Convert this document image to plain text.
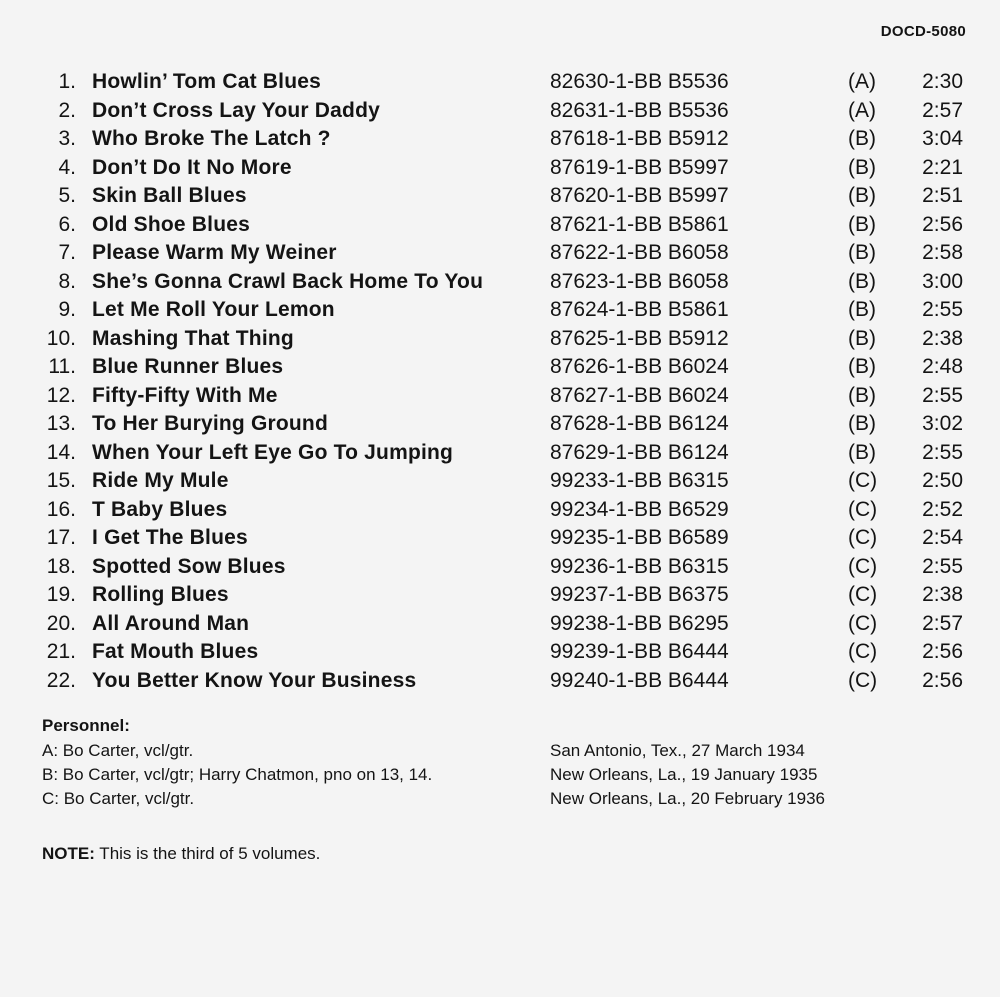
DOCD-5080
1. Howlin’ Tom Cat Blues	82630-1-BB B5536	(A) 2:30
2. Don’t Cross Lay Your Daddy	82631-1-BB B5536	(A) 2:57
3. Who Broke The Latch ?	87618-1-BB B5912	(B) 3:04
4. Don’t Do It No More	87619-1-BB B5997	(B) 2:21
5. Skin Ball Blues	87620-1-BB B5997	(B) 2:51
6. Old Shoe Blues	87621-1-BB B5861	(B) 2:56
7. Please Warm My Weiner	87622-1-BB B6058	(B) 2:58
8. She’s Gonna Crawl Back Home To You	87623-1-BB B6058	(B) 3:00
9. Let Me Roll Your Lemon	87624-1-BB B5861	(B) 2:55
10. Mashing That Thing	87625-1-BB B5912	(B) 2:38
11. Blue Runner Blues	87626-1-BB B6024	(B) 2:48
12. Fifty-Fifty With Me	87627-1-BB B6024	(B) 2:55
13. To Her Burying Ground	87628-1-BB B6124	(B) 3:02
14. When Your Left Eye Go To Jumping	87629-1-BB B6124	(B) 2:55
15. Ride My Mule	99233-1-BB B6315	(C) 2:50
16. T Baby Blues	99234-1-BB B6529	(C) 2:52
17. I Get The Blues	99235-1-BB B6589	(C) 2:54
18. Spotted Sow Blues	99236-1-BB B6315	(C) 2:55
19. Rolling Blues	99237-1-BB B6375	(C) 2:38
20. All Around Man	99238-1-BB B6295	(C) 2:57
21. Fat Mouth Blues	99239-1-BB B6444	(C) 2:56
22. You Better Know Your Business	99240-1-BB B6444	(C) 2:56
Personnel:
A: Bo Carter, vcl/gtr.	San Antonio, Tex., 27 March 1934
B: Bo Carter, vcl/gtr; Harry Chatmon, pno on 13, 14.	New Orleans, La., 19 January 1935
C: Bo Carter, vcl/gtr.	New Orleans, La., 20 February 1936
NOTE: This is the third of 5 volumes.
